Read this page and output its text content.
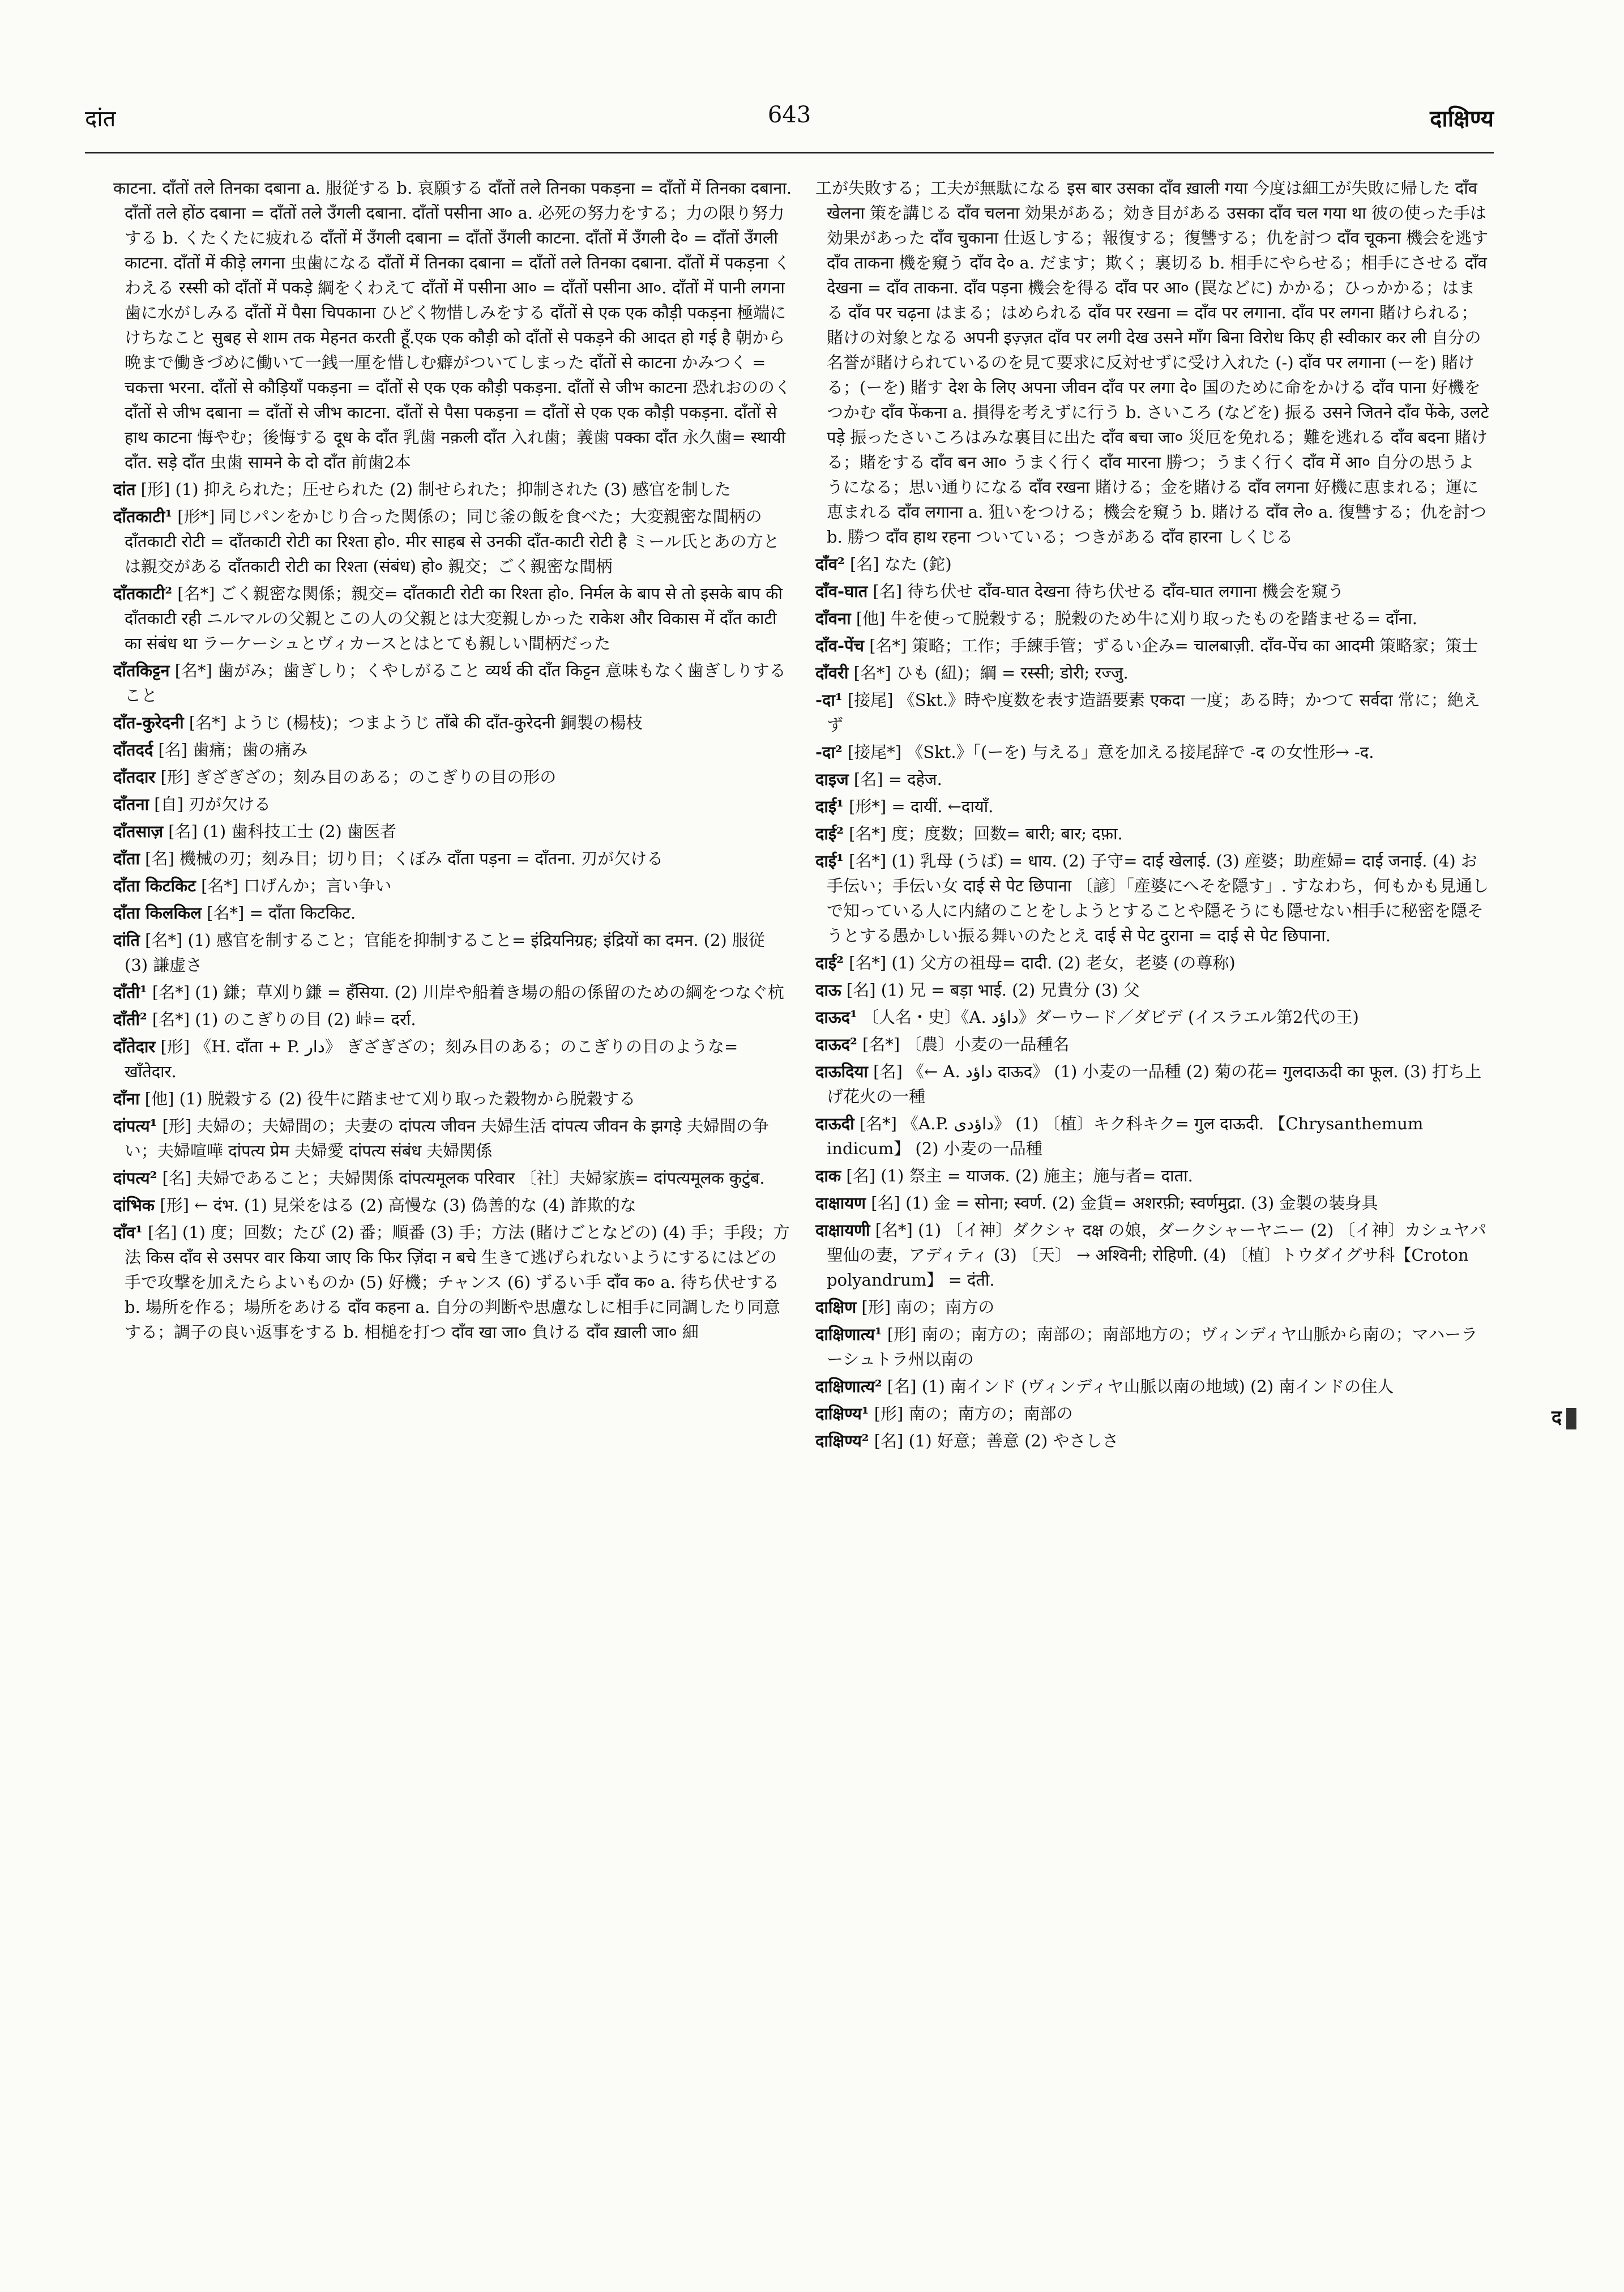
दांत	643	दाक्षिण्य

काटना. दाँतों तले तिनका दबाना a. 服従する b. 哀願する दाँतों तले तिनका पकड़ना = दाँतों में तिनका दबाना. दाँतों तले होंठ दबाना = दाँतों तले उँगली दबाना. दाँतों पसीना आ० a. 必死の努力をする；力の限り努力する b. くたくたに疲れる दाँतों में उँगली दबाना = दाँतों उँगली काटना. दाँतों में उँगली दे० = दाँतों उँगली काटना. दाँतों में कीड़े लगना 虫歯になる दाँतों में तिनका दबाना = दाँतों तले तिनका दबाना. दाँतों में पकड़ना くわえる रस्सी को दाँतों में पकड़े 綱をくわえて दाँतों में पसीना आ० = दाँतों पसीना आ०. दाँतों में पानी लगना 歯に水がしみる दाँतों में पैसा चिपकाना ひどく物惜しみをする दाँतों से एक एक कौड़ी पकड़ना 極端にけちなこと सुबह से शाम तक मेहनत करती हूँ.एक एक कौड़ी को दाँतों से पकड़ने की आदत हो गई है 朝から晩まで働きづめに働いて一銭一厘を惜しむ癖がついてしまった दाँतों से काटना かみつく = चकत्ता भरना. दाँतों से कौड़ियाँ पकड़ना = दाँतों से एक एक कौड़ी पकड़ना. दाँतों से जीभ काटना 恐れおののく दाँतों से जीभ दबाना = दाँतों से जीभ काटना. दाँतों से पैसा पकड़ना = दाँतों से एक एक कौड़ी पकड़ना. दाँतों से हाथ काटना 悔やむ；後悔する दूध के दाँत 乳歯 नक़ली दाँत 入れ歯；義歯 पक्का दाँत 永久歯= स्थायी दाँत. सड़े दाँत 虫歯 सामने के दो दाँत 前歯2本

दांत [形] (1) 抑えられた；圧せられた (2) 制せられた；抑制された (3) 感官を制した

दाँतकाटी¹ [形*] 同じパンをかじり合った関係の；同じ釜の飯を食べた；大変親密な間柄の दाँतकाटी रोटी = दाँतकाटी रोटी का रिश्ता हो०. मीर साहब से उनकी दाँत-काटी रोटी है ミール氏とあの方とは親交がある दाँतकाटी रोटी का रिश्ता (संबंध) हो० 親交；ごく親密な間柄

दाँतकाटी² [名*] ごく親密な関係；親交= दाँतकाटी रोटी का रिश्ता हो०. निर्मल के बाप से तो इसके बाप की दाँतकाटी रही ニルマルの父親とこの人の父親とは大変親しかった राकेश और विकास में दाँत काटी का संबंध था ラーケーシュとヴィカースとはとても親しい間柄だった

दाँतकिट्टन [名*] 歯がみ；歯ぎしり；くやしがること व्यर्थ की दाँत किट्टन 意味もなく歯ぎしりすること

दाँत-कुरेदनी [名*] ようじ (楊枝)；つまようじ ताँबे की दाँत-कुरेदनी 銅製の楊枝

दाँतदर्द [名] 歯痛；歯の痛み

दाँतदार [形] ぎざぎざの；刻み目のある；のこぎりの目の形の

दाँतना [自] 刃が欠ける

दाँतसाज़ [名] (1) 歯科技工士 (2) 歯医者

दाँता [名] 機械の刃；刻み目；切り目；くぼみ दाँता पड़ना = दाँतना. 刃が欠ける

दाँता किटकिट [名*] 口げんか；言い争い

दाँता किलकिल [名*] = दाँता किटकिट.

दांति [名*] (1) 感官を制すること；官能を抑制すること= इंद्रियनिग्रह; इंद्रियों का दमन. (2) 服従 (3) 謙虚さ

दाँती¹ [名*] (1) 鎌；草刈り鎌 = हँसिया. (2) 川岸や船着き場の船の係留のための綱をつなぐ杭

दाँती² [名*] (1) のこぎりの目 (2) 峠= दर्रा.

दाँतेदार [形] 《H. दाँता + P. دار》 ぎざぎざの；刻み目のある；のこぎりの目のような= खाँतेदार.

दाँना [他] (1) 脱穀する (2) 役牛に踏ませて刈り取った穀物から脱穀する

दांपत्य¹ [形] 夫婦の；夫婦間の；夫妻の दांपत्य जीवन 夫婦生活 दांपत्य जीवन के झगड़े 夫婦間の争い；夫婦喧嘩 दांपत्य प्रेम 夫婦愛 दांपत्य संबंध 夫婦関係

दांपत्य² [名] 夫婦であること；夫婦関係 दांपत्यमूलक परिवार 〔社〕夫婦家族= दांपत्यमूलक कुटुंब.

दांभिक [形] ← दंभ. (1) 見栄をはる (2) 高慢な (3) 偽善的な (4) 詐欺的な

दाँव¹ [名] (1) 度；回数；たび (2) 番；順番 (3) 手；方法 (賭けごとなどの) (4) 手；手段；方法 किस दाँव से उसपर वार किया जाए कि फिर ज़िंदा न बचे 生きて逃げられないようにするにはどの手で攻撃を加えたらよいものか (5) 好機；チャンス (6) ずるい手 दाँव क० a. 待ち伏せする b. 場所を作る；場所をあける दाँव कहना a. 自分の判断や思慮なしに相手に同調したり同意する；調子の良い返事をする b. 相槌を打つ दाँव खा जा० 負ける दाँव ख़ाली जा० 細

工が失敗する；工夫が無駄になる इस बार उसका दाँव ख़ाली गया 今度は細工が失敗に帰した दाँव खेलना 策を講じる दाँव चलना 効果がある；効き目がある उसका दाँव चल गया था 彼の使った手は効果があった दाँव चुकाना 仕返しする；報復する；復讐する；仇を討つ दाँव चूकना 機会を逃す दाँव ताकना 機を窺う दाँव दे० a. だます；欺く；裏切る b. 相手にやらせる；相手にさせる दाँव देखना = दाँव ताकना. दाँव पड़ना 機会を得る दाँव पर आ० (罠などに) かかる；ひっかかる；はまる दाँव पर चढ़ना はまる；はめられる दाँव पर रखना = दाँव पर लगाना. दाँव पर लगना 賭けられる；賭けの対象となる अपनी इज़्ज़त दाँव पर लगी देख उसने माँग बिना विरोध किए ही स्वीकार कर ली 自分の名誉が賭けられているのを見て要求に反対せずに受け入れた (-) दाँव पर लगाना (ーを) 賭ける；(ーを) 賭す देश के लिए अपना जीवन दाँव पर लगा दे० 国のために命をかける दाँव पाना 好機をつかむ दाँव फेंकना a. 損得を考えずに行う b. さいころ (などを) 振る उसने जितने दाँव फेंके, उलटे पड़े 振ったさいころはみな裏目に出た दाँव बचा जा० 災厄を免れる；難を逃れる दाँव बदना 賭ける；賭をする दाँव बन आ० うまく行く दाँव मारना 勝つ；うまく行く दाँव में आ० 自分の思うようになる；思い通りになる दाँव रखना 賭ける；金を賭ける दाँव लगना 好機に恵まれる；運に恵まれる दाँव लगाना a. 狙いをつける；機会を窺う b. 賭ける दाँव ले० a. 復讐する；仇を討つ b. 勝つ दाँव हाथ रहना ついている；つきがある दाँव हारना しくじる

दाँव² [名] なた (鉈)

दाँव-घात [名] 待ち伏せ दाँव-घात देखना 待ち伏せる दाँव-घात लगाना 機会を窺う

दाँवना [他] 牛を使って脱穀する；脱穀のため牛に刈り取ったものを踏ませる= दाँना.

दाँव-पेंच [名*] 策略；工作；手練手管；ずるい企み= चालबाज़ी. दाँव-पेंच का आदमी 策略家；策士

दाँवरी [名*] ひも (紐)；綱 = रस्सी; डोरी; रज्जु.

-दा¹ [接尾] 《Skt.》時や度数を表す造語要素 एकदा 一度；ある時；かつて सर्वदा 常に；絶えず

-दा² [接尾*] 《Skt.》「(ーを) 与える」意を加える接尾辞で -द の女性形→ -द.

दाइज [名] = दहेज.

दाई¹ [形*] = दायीं. ←दायाँ.

दाई² [名*] 度；度数；回数= बारी; बार; दफ़ा.

दाई¹ [名*] (1) 乳母 (うば) = धाय. (2) 子守= दाई खेलाई. (3) 産婆；助産婦= दाई जनाई. (4) お手伝い；手伝い女 दाई से पेट छिपाना 〔諺〕「産婆にへそを隠す」. すなわち，何もかも見通しで知っている人に内緒のことをしようとすることや隠そうにも隠せない相手に秘密を隠そうとする愚かしい振る舞いのたとえ दाई से पेट दुराना = दाई से पेट छिपाना.

दाई² [名*] (1) 父方の祖母= दादी. (2) 老女，老婆 (の尊称)

दाऊ [名] (1) 兄 = बड़ा भाई. (2) 兄貴分 (3) 父

दाऊद¹ 〔人名・史〕《A. داؤد》ダーウード／ダビデ (イスラエル第2代の王)

दाऊद² [名*] 〔農〕小麦の一品種名

दाऊदिया [名] 《← A. داؤد दाऊद》 (1) 小麦の一品種 (2) 菊の花= गुलदाऊदी का फूल. (3) 打ち上げ花火の一種

दाऊदी [名*] 《A.P. داؤدی》 (1) 〔植〕キク科キク= गुल दाऊदी. 【Chrysanthemum indicum】 (2) 小麦の一品種

दाक [名] (1) 祭主 = याजक. (2) 施主；施与者= दाता.

दाक्षायण [名] (1) 金 = सोना; स्वर्ण. (2) 金貨= अशरफ़ी; स्वर्णमुद्रा. (3) 金製の装身具

दाक्षायणी [名*] (1) 〔イ神〕ダクシャ दक्ष の娘，ダークシャーヤニー (2) 〔イ神〕カシュヤパ聖仙の妻，アディティ (3) 〔天〕 → अश्विनी; रोहिणी. (4) 〔植〕トウダイグサ科【Croton polyandrum】 = दंती.

दाक्षिण [形] 南の；南方の

दाक्षिणात्य¹ [形] 南の；南方の；南部の；南部地方の；ヴィンディヤ山脈から南の；マハーラーシュトラ州以南の

दाक्षिणात्य² [名] (1) 南インド (ヴィンディヤ山脈以南の地域) (2) 南インドの住人

दाक्षिण्य¹ [形] 南の；南方の；南部の

दाक्षिण्य² [名] (1) 好意；善意 (2) やさしさ

द
